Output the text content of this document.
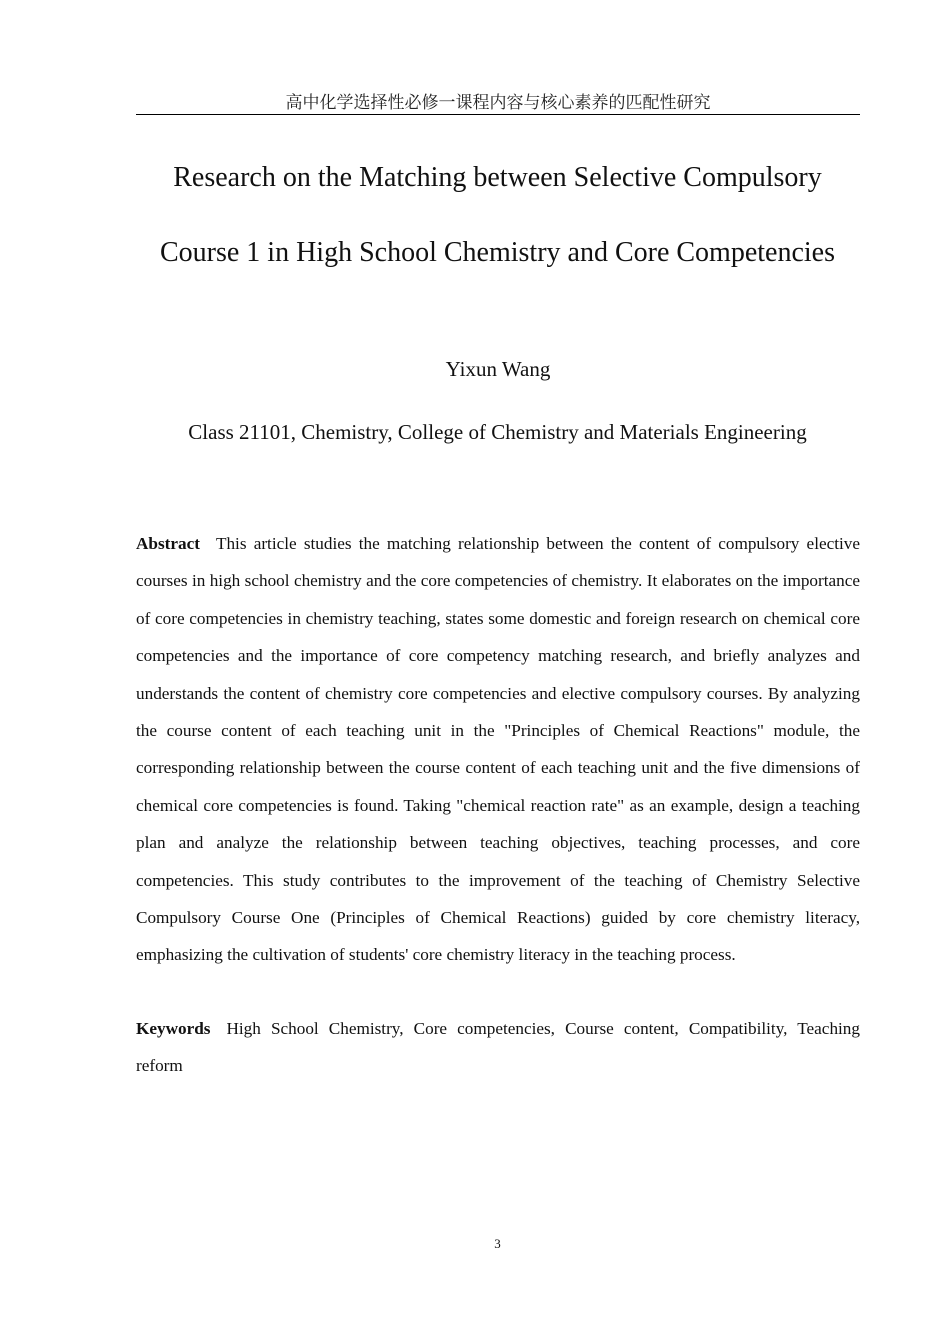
高中化学选择性必修一课程内容与核心素养的匹配性研究
Research on the Matching between Selective Compulsory
Course 1 in High School Chemistry and Core Competencies
Yixun Wang
Class 21101, Chemistry, College of Chemistry and Materials Engineering

Abstract This article studies the matching relationship between the content of compulsory elective courses in high school chemistry and the core competencies of chemistry. It elaborates on the importance of core competencies in chemistry teaching, states some domestic and foreign research on chemical core competencies and the importance of core competency matching research, and briefly analyzes and understands the content of chemistry core competencies and elective compulsory courses. By analyzing the course content of each teaching unit in the "Principles of Chemical Reactions" module, the corresponding relationship between the course content of each teaching unit and the five dimensions of chemical core competencies is found. Taking "chemical reaction rate" as an example, design a teaching plan and analyze the relationship between teaching objectives, teaching processes, and core competencies. This study contributes to the improvement of the teaching of Chemistry Selective Compulsory Course One (Principles of Chemical Reactions) guided by core chemistry literacy, emphasizing the cultivation of students' core chemistry literacy in the teaching process.

Keywords High School Chemistry, Core competencies, Course content, Compatibility, Teaching reform

3
